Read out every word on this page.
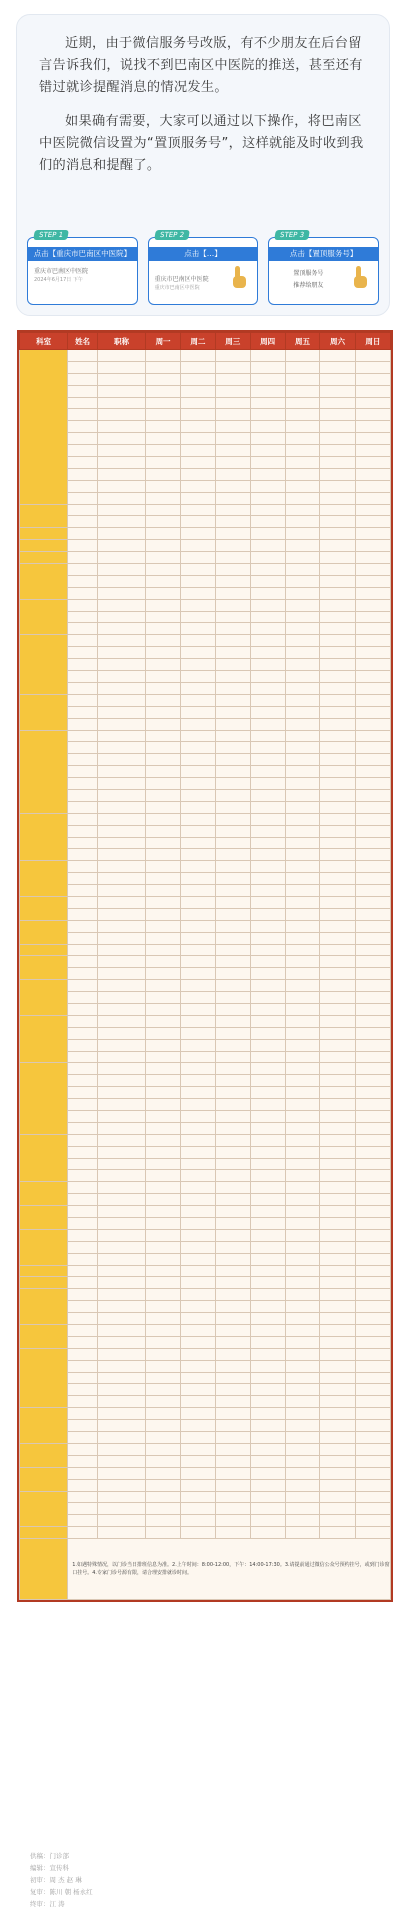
近期，由于微信服务号改版，有不少朋友在后台留言告诉我们，说找不到巴南区中医院的推送，甚至还有错过就诊提醒消息的情况发生。

如果确有需要，大家可以通过以下操作，将巴南区中医院微信设置为“置顶服务号”，这样就能及时收到我们的消息和提醒了。

STEP 1
点击【重庆市巴南区中医院】
重庆市巴南区中医院
2024年6月17日 下午
STEP 2
点击【…】
重庆市巴南区中医院
重庆市巴南区中医院
STEP 3
点击【置顶服务号】
置顶服务号
推荐给朋友
科室	姓名	职称	周一	周二	周三	周四	周五	周六	周日

	1.如遇特殊情况，以门诊当日排班信息为准。2.上午时间：8:00-12:00，下午：14:00-17:30。3.请提前通过微信公众号预约挂号，或到门诊窗口挂号。4.专家门诊号源有限，请合理安排就诊时间。								
供稿：门诊部
编辑：宣传科
初审：周 杰 赵 琳
复审：陈川 朝 杨永红
终审：江 涛
